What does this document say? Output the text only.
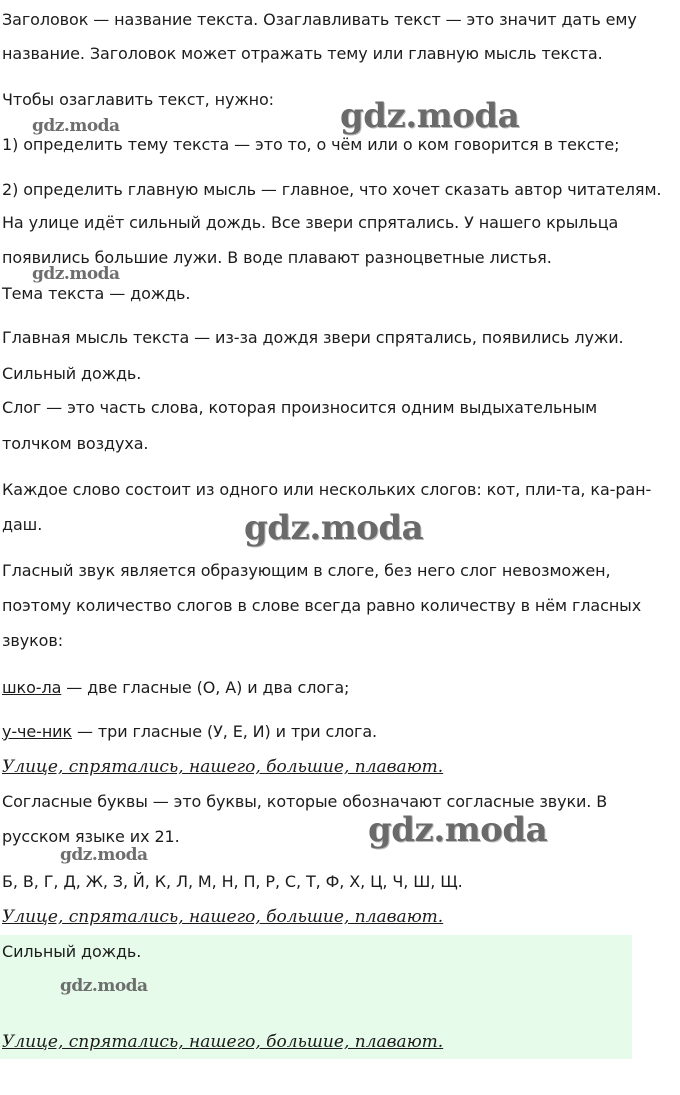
Заголовок — название текста. Озаглавливать текст — это значит дать ему
название. Заголовок может отражать тему или главную мысль текста.
Чтобы озаглавить текст, нужно:
1) определить тему текста — это то, о чём или о ком говорится в тексте;
2) определить главную мысль — главное, что хочет сказать автор читателям.
На улице идёт сильный дождь. Все звери спрятались. У нашего крыльца
появились большие лужи. В воде плавают разноцветные листья.
Тема текста — дождь.
Главная мысль текста — из-за дождя звери спрятались, появились лужи.
Сильный дождь.
Слог — это часть слова, которая произносится одним выдыхательным
толчком воздуха.
Каждое слово состоит из одного или нескольких слогов: кот, пли-та, ка-ран-
даш.
Гласный звук является образующим в слоге, без него слог невозможен,
поэтому количество слогов в слове всегда равно количеству в нём гласных
звуков:
шко-ла — две гласные (О, А) и два слога;
у-че-ник — три гласные (У, Е, И) и три слога.
Улице, спрятались, нашего, большие, плавают.
Согласные буквы — это буквы, которые обозначают согласные звуки. В
русском языке их 21.
Б, В, Г, Д, Ж, З, Й, К, Л, М, Н, П, Р, С, Т, Ф, Х, Ц, Ч, Ш, Щ.
Улице, спрятались, нашего, большие, плавают.
Сильный дождь.
Улице, спрятались, нашего, большие, плавают.
gdz.moda
gdz.moda
gdz.moda
gdz.moda
gdz.moda
gdz.moda
gdz.moda
